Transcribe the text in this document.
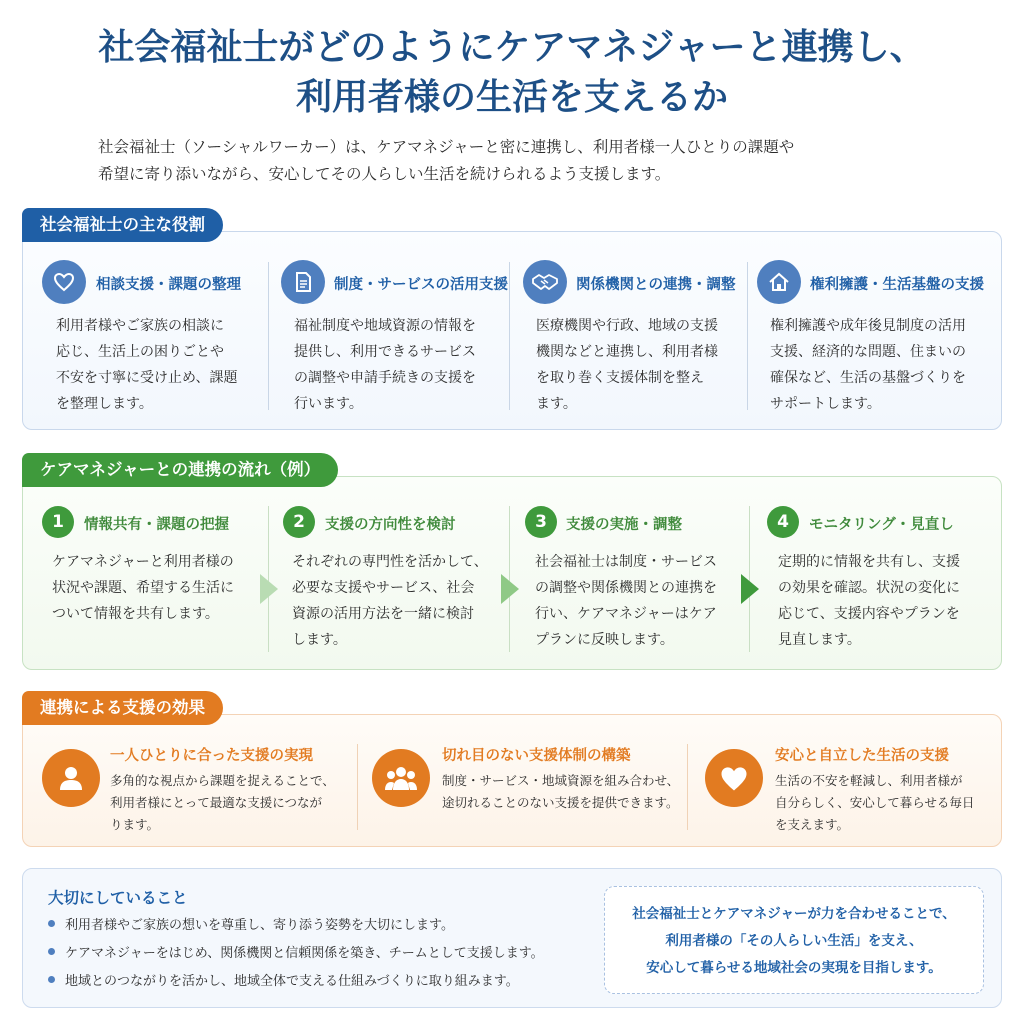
社会福祉士がどのようにケアマネジャーと連携し、
利用者様の生活を支えるか
社会福祉士（ソーシャルワーカー）は、ケアマネジャーと密に連携し、利用者様一人ひとりの課題や
希望に寄り添いながら、安心してその人らしい生活を続けられるよう支援します。
社会福祉士の主な役割
相談支援・課題の整理
利用者様やご家族の相談に
応じ、生活上の困りごとや
不安を寸寧に受け止め、課題
を整理します。
制度・サービスの活用支援
福祉制度や地域資源の情報を
提供し、利用できるサービス
の調整や申請手続きの支援を
行います。
関係機関との連携・調整
医療機関や行政、地域の支援
機関などと連携し、利用者様
を取り巻く支援体制を整え
ます。
権利擁護・生活基盤の支援
権利擁護や成年後見制度の活用
支援、経済的な問題、住まいの
確保など、生活の基盤づくりを
サポートします。
ケアマネジャーとの連携の流れ（例）
1	情報共有・課題の把握
ケアマネジャーと利用者様の
状況や課題、希望する生活に
ついて情報を共有します。
2	支援の方向性を検討
それぞれの専門性を活かして、
必要な支援やサービス、社会
資源の活用方法を一緒に検討
します。
3	支援の実施・調整
社会福祉士は制度・サービス
の調整や関係機関との連携を
行い、ケアマネジャーはケア
プランに反映します。
4	モニタリング・見直し
定期的に情報を共有し、支援
の効果を確認。状況の変化に
応じて、支援内容やプランを
見直します。
連携による支援の効果
一人ひとりに合った支援の実現
多角的な視点から課題を捉えることで、
利用者様にとって最適な支援につなが
ります。
切れ目のない支援体制の構築
制度・サービス・地域資源を組み合わせ、
途切れることのない支援を提供できます。
安心と自立した生活の支援
生活の不安を軽減し、利用者様が
自分らしく、安心して暮らせる毎日
を支えます。
大切にしていること
利用者様やご家族の想いを尊重し、寄り添う姿勢を大切にします。
ケアマネジャーをはじめ、関係機関と信頼関係を築き、チームとして支援します。
地域とのつながりを活かし、地域全体で支える仕組みづくりに取り組みます。
社会福祉士とケアマネジャーが力を合わせることで、
利用者様の「その人らしい生活」を支え、
安心して暮らせる地域社会の実現を目指します。
